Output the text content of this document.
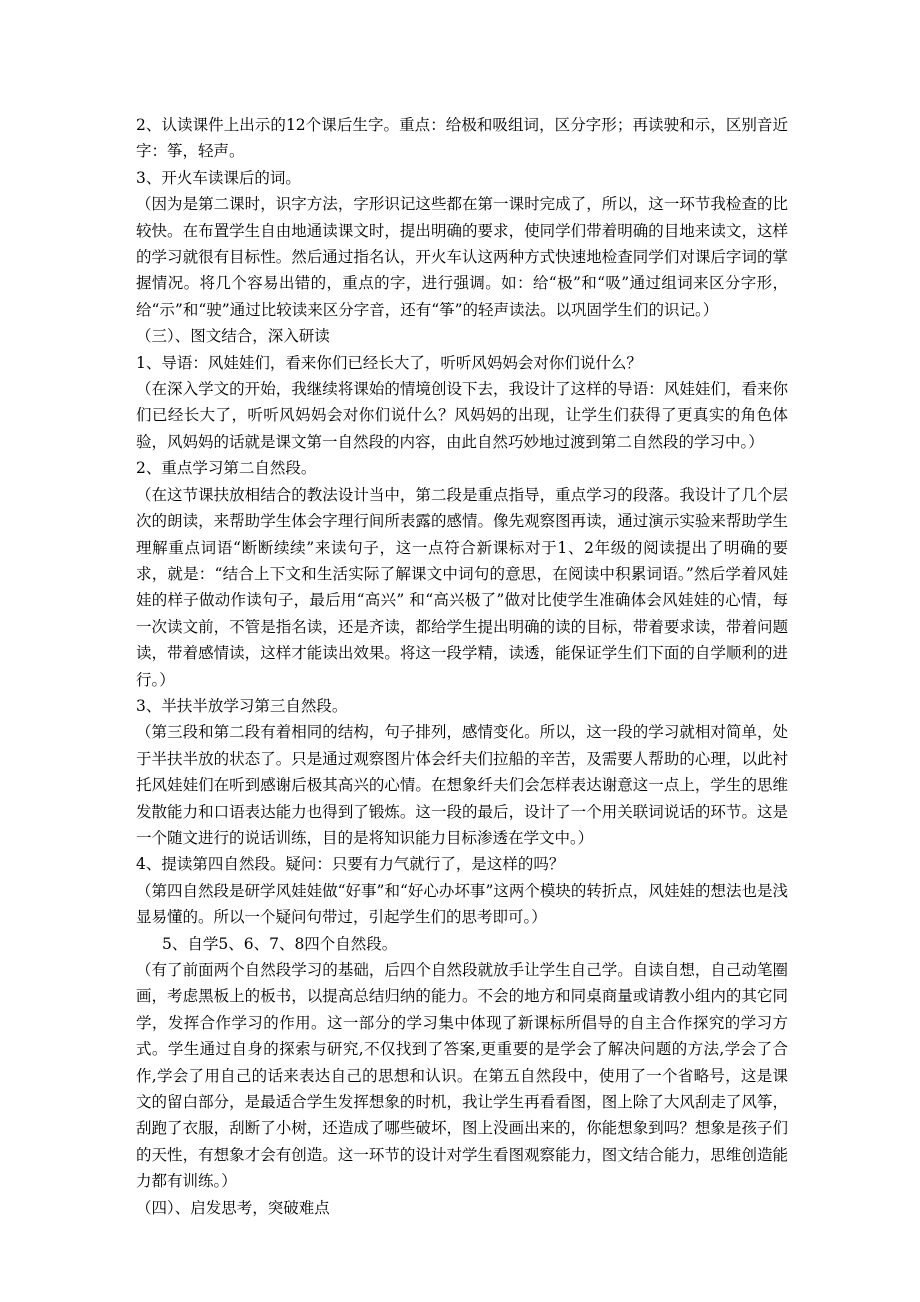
2、认读课件上出示的12个课后生字。重点：给极和吸组词，区分字形；再读驶和示，区别音近字：筝，轻声。

3、开火车读课后的词。

（因为是第二课时，识字方法，字形识记这些都在第一课时完成了，所以，这一环节我检查的比较快。在布置学生自由地通读课文时，提出明确的要求，使同学们带着明确的目地来读文，这样的学习就很有目标性。然后通过指名认，开火车认这两种方式快速地检查同学们对课后字词的掌握情况。将几个容易出错的，重点的字，进行强调。如：给“极”和“吸”通过组词来区分字形，给“示”和“驶”通过比较读来区分字音，还有“筝”的轻声读法。以巩固学生们的识记。）

（三）、图文结合，深入研读

1、导语：风娃娃们，看来你们已经长大了，听听风妈妈会对你们说什么？

（在深入学文的开始，我继续将课始的情境创设下去，我设计了这样的导语：风娃娃们，看来你们已经长大了，听听风妈妈会对你们说什么？风妈妈的出现，让学生们获得了更真实的角色体验，风妈妈的话就是课文第一自然段的内容，由此自然巧妙地过渡到第二自然段的学习中。）

2、重点学习第二自然段。

（在这节课扶放相结合的教法设计当中，第二段是重点指导，重点学习的段落。我设计了几个层次的朗读，来帮助学生体会字理行间所表露的感情。像先观察图再读，通过演示实验来帮助学生理解重点词语“断断续续”来读句子，这一点符合新课标对于1、2年级的阅读提出了明确的要求，就是：“结合上下文和生活实际了解课文中词句的意思，在阅读中积累词语。”然后学着风娃娃的样子做动作读句子，最后用“高兴” 和“高兴极了”做对比使学生准确体会风娃娃的心情，每一次读文前，不管是指名读，还是齐读，都给学生提出明确的读的目标，带着要求读，带着问题读，带着感情读，这样才能读出效果。将这一段学精，读透，能保证学生们下面的自学顺利的进行。）

3、半扶半放学习第三自然段。

（第三段和第二段有着相同的结构，句子排列，感情变化。所以，这一段的学习就相对简单，处于半扶半放的状态了。只是通过观察图片体会纤夫们拉船的辛苦，及需要人帮助的心理，以此衬托风娃娃们在听到感谢后极其高兴的心情。在想象纤夫们会怎样表达谢意这一点上，学生的思维发散能力和口语表达能力也得到了锻炼。这一段的最后，设计了一个用关联词说话的环节。这是一个随文进行的说话训练，目的是将知识能力目标渗透在学文中。）

4、提读第四自然段。疑问：只要有力气就行了，是这样的吗？

（第四自然段是研学风娃娃做“好事”和“好心办坏事”这两个模块的转折点，风娃娃的想法也是浅显易懂的。所以一个疑问句带过，引起学生们的思考即可。）

5、自学5、6、7、8四个自然段。

（有了前面两个自然段学习的基础，后四个自然段就放手让学生自己学。自读自想，自己动笔圈画，考虑黑板上的板书，以提高总结归纳的能力。不会的地方和同桌商量或请教小组内的其它同学，发挥合作学习的作用。这一部分的学习集中体现了新课标所倡导的自主合作探究的学习方式。学生通过自身的探索与研究,不仅找到了答案,更重要的是学会了解决问题的方法,学会了合作,学会了用自己的话来表达自己的思想和认识。在第五自然段中，使用了一个省略号，这是课文的留白部分，是最适合学生发挥想象的时机，我让学生再看看图，图上除了大风刮走了风筝，刮跑了衣服，刮断了小树，还造成了哪些破坏，图上没画出来的，你能想象到吗？想象是孩子们的天性，有想象才会有创造。这一环节的设计对学生看图观察能力，图文结合能力，思维创造能力都有训练。）

（四）、启发思考，突破难点
